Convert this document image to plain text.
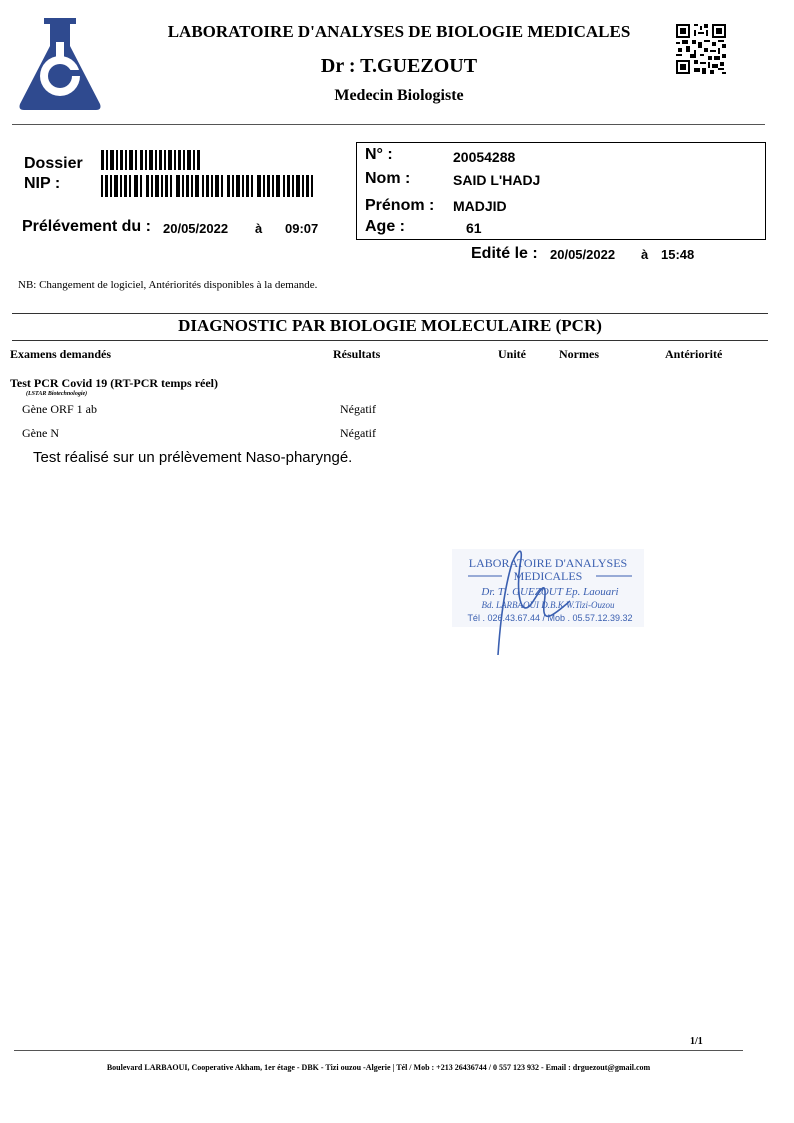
LABORATOIRE D'ANALYSES DE BIOLOGIE MEDICALES
Dr : T.GUEZOUT
Medecin Biologiste
Dossier
NIP :
Prélévement du : 20/05/2022 à 09:07
N° :	20054288
Nom :	SAID L'HADJ
Prénom : MADJID
Age :	61
Edité le : 20/05/2022 à 15:48
NB: Changement de logiciel, Antériorités disponibles à la demande.
DIAGNOSTIC PAR BIOLOGIE MOLECULAIRE (PCR)
Examens demandés	Résultats	Unité	Normes	Antériorité
Test PCR Covid 19 (RT-PCR temps réel)
(LSTAR Biotechnologie)
Gène ORF 1 ab	Négatif
Gène N	Négatif
Test réalisé sur un prélèvement Naso-pharyngé.
LABORATOIRE D'ANALYSES
MEDICALES
Dr. T . GUEZOUT Ep. Laouari
Bd. LARBAOUI D.B.K W.Tizi-Ouzou
Tél . 026.43.67.44 / Mob . 05.57.12.39.32
1/1
Boulevard LARBAOUI, Cooperative Akham, 1er étage - DBK - Tizi ouzou -Algerie | Tél / Mob : +213 26436744 / 0 557 123 932 - Email : drguezout@gmail.com
